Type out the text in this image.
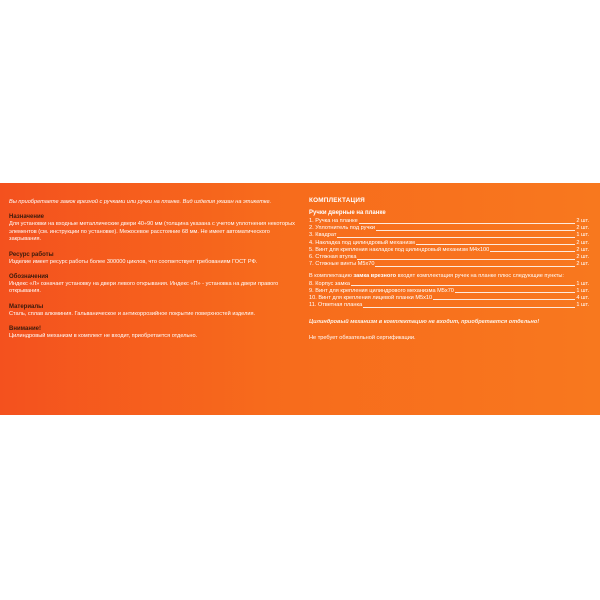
Вы приобретаете замок врезной с ручками или ручки на планке. Вид изделия указан на этикетке.

Назначение

Для установки на входные металлические двери 40÷90 мм (толщина указана с учетом уплотнения некоторых элементов (см. инструкции по установке). Межосевое расстояние 68 мм. Не имеет автоматического закрывания.

Ресурс работы

Изделие имеет ресурс работы более 300000 циклов, что соответствует требованиям ГОСТ РФ.

Обозначения

Индекс «Л» означает установку на двери левого открывания. Индекс «П» - установка на двери правого открывания.

Материалы

Сталь, сплав алюминия. Гальваническое и антикоррозийное покрытие поверхностей изделия.

Внимание!

Цилиндровый механизм в комплект не входит, приобретается отдельно.

КОМПЛЕКТАЦИЯ

Ручки дверные на планке

1. Ручка на планке	2 шт.
2. Уплотнитель под ручки	2 шт.
3. Квадрат	1 шт.
4. Накладка под цилиндровый механизм	2 шт.
5. Винт для крепления накладок под цилиндровый механизм М4х100	2 шт.
6. Стяжная втулка	2 шт.
7. Стяжные винты М5х70	2 шт.

В комплектацию замка врезного входят комплектация ручек на планке плюс следующие пункты:

8. Корпус замка	1 шт.
9. Винт для крепления цилиндрового механизма М5х70	1 шт.
10. Винт для крепления лицевой планки М5х10	4 шт.
11. Ответная планка	1 шт.

Цилиндровый механизм в комплектацию не входит, приобретается отдельно!

Не требует обязательной сертификации.
